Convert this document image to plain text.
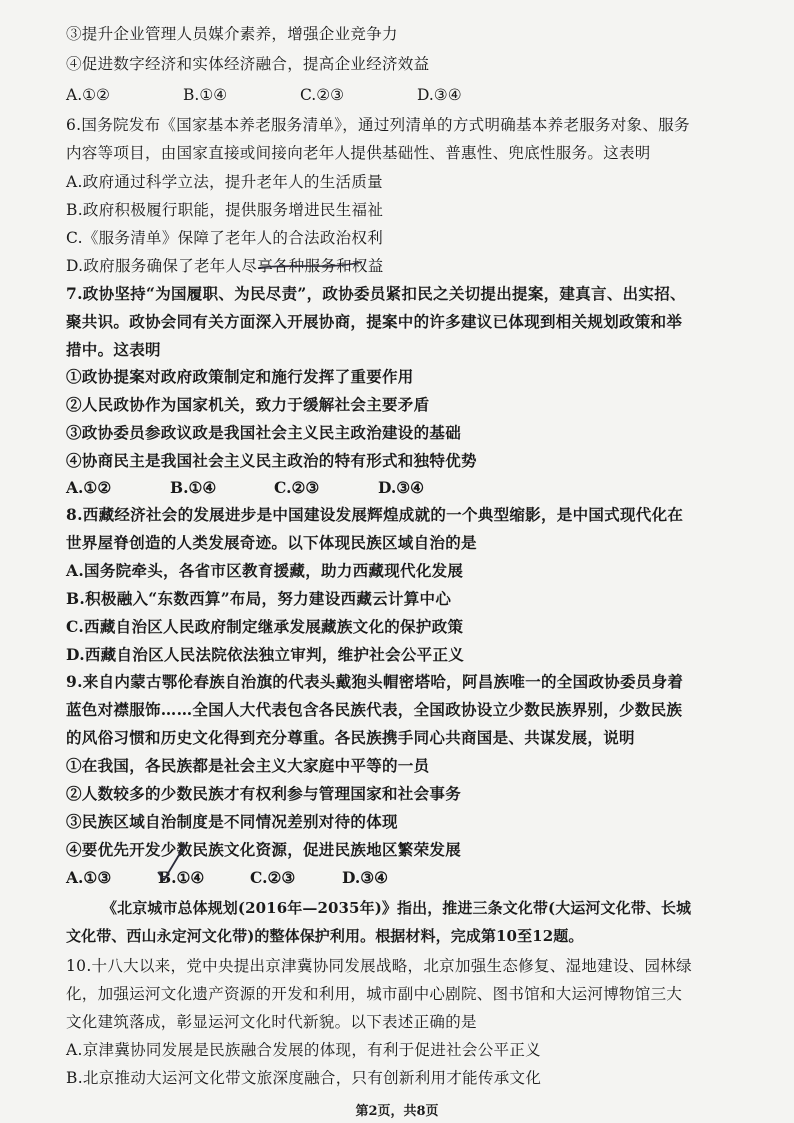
③提升企业管理人员媒介素养，增强企业竞争力
④促进数字经济和实体经济融合，提高企业经济效益
A.①②	B.①④	C.②③	D.③④
6.国务院发布《国家基本养老服务清单》，通过列清单的方式明确基本养老服务对象、服务
内容等项目，由国家直接或间接向老年人提供基础性、普惠性、兜底性服务。这表明
A.政府通过科学立法，提升老年人的生活质量
B.政府积极履行职能，提供服务增进民生福祉
C.《服务清单》保障了老年人的合法政治权利
D.政府服务确保了老年人尽享各种服务和权益
7.政协坚持“为国履职、为民尽责”，政协委员紧扣民之关切提出提案，建真言、出实招、
聚共识。政协会同有关方面深入开展协商，提案中的许多建议已体现到相关规划政策和举
措中。这表明
①政协提案对政府政策制定和施行发挥了重要作用
②人民政协作为国家机关，致力于缓解社会主要矛盾
③政协委员参政议政是我国社会主义民主政治建设的基础
④协商民主是我国社会主义民主政治的特有形式和独特优势
A.①②	B.①④	C.②③	D.③④
8.西藏经济社会的发展进步是中国建设发展辉煌成就的一个典型缩影，是中国式现代化在
世界屋脊创造的人类发展奇迹。以下体现民族区域自治的是
A.国务院牵头，各省市区教育援藏，助力西藏现代化发展
B.积极融入“东数西算”布局，努力建设西藏云计算中心
C.西藏自治区人民政府制定继承发展藏族文化的保护政策
D.西藏自治区人民法院依法独立审判，维护社会公平正义
9.来自内蒙古鄂伦春族自治旗的代表头戴狍头帽密塔哈，阿昌族唯一的全国政协委员身着
蓝色对襟服饰……全国人大代表包含各民族代表，全国政协设立少数民族界别，少数民族
的风俗习惯和历史文化得到充分尊重。各民族携手同心共商国是、共谋发展，说明
①在我国，各民族都是社会主义大家庭中平等的一员
②人数较多的少数民族才有权利参与管理国家和社会事务
③民族区域自治制度是不同情况差别对待的体现
④要优先开发少数民族文化资源，促进民族地区繁荣发展
A.①③	B.①④	C.②③	D.③④
《北京城市总体规划(2016年—2035年)》指出，推进三条文化带(大运河文化带、长城
文化带、西山永定河文化带)的整体保护利用。根据材料，完成第10至12题。
10.十八大以来，党中央提出京津冀协同发展战略，北京加强生态修复、湿地建设、园林绿
化，加强运河文化遗产资源的开发和利用，城市副中心剧院、图书馆和大运河博物馆三大
文化建筑落成，彰显运河文化时代新貌。以下表述正确的是
A.京津冀协同发展是民族融合发展的体现，有利于促进社会公平正义
B.北京推动大运河文化带文旅深度融合，只有创新利用才能传承文化
第2页，共8页
